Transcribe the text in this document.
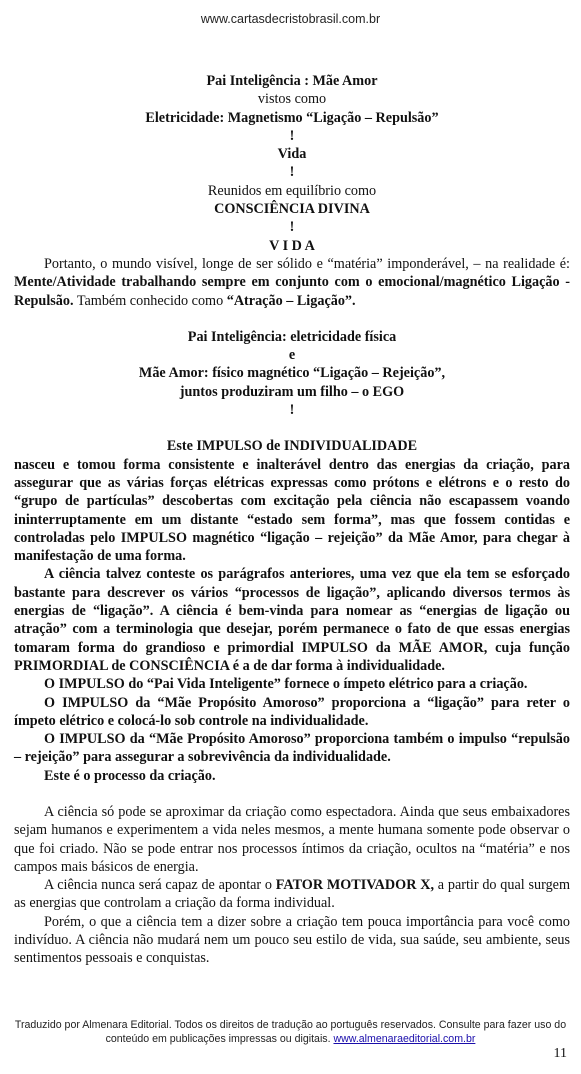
www.cartasdecristobrasil.com.br

Pai Inteligência : Mãe Amor

vistos como

Eletricidade: Magnetismo “Ligação – Repulsão”

!

Vida

!

Reunidos em equilíbrio como

CONSCIÊNCIA DIVINA

!

V I D A

Portanto, o mundo visível, longe de ser sólido e “matéria” imponderável, – na realidade é: Mente/Atividade trabalhando sempre em conjunto com o emocional/magnético Ligação - Repulsão. Também conhecido como “Atração – Ligação”.

Pai Inteligência: eletricidade física

e

Mãe Amor: físico magnético “Ligação – Rejeição”,

juntos produziram um filho – o EGO

!

Este IMPULSO de INDIVIDUALIDADE

nasceu e tomou forma consistente e inalterável dentro das energias da criação, para assegurar que as várias forças elétricas expressas como prótons e elétrons e o resto do “grupo de partículas” descobertas com excitação pela ciência não escapassem voando ininterruptamente em um distante “estado sem forma”, mas que fossem contidas e controladas pelo IMPULSO magnético “ligação – rejeição” da Mãe Amor, para chegar à manifestação de uma forma.

A ciência talvez conteste os parágrafos anteriores, uma vez que ela tem se esforçado bastante para descrever os vários “processos de ligação”, aplicando diversos termos às energias de “ligação”. A ciência é bem-vinda para nomear as “energias de ligação ou atração” com a terminologia que desejar, porém permanece o fato de que essas energias tomaram forma do grandioso e primordial IMPULSO da MÃE AMOR, cuja função PRIMORDIAL de CONSCIÊNCIA é a de dar forma à individualidade.

O IMPULSO do “Pai Vida Inteligente” fornece o ímpeto elétrico para a criação.

O IMPULSO da “Mãe Propósito Amoroso” proporciona a “ligação” para reter o ímpeto elétrico e colocá-lo sob controle na individualidade.

O IMPULSO da “Mãe Propósito Amoroso” proporciona também o impulso “repulsão – rejeição” para assegurar a sobrevivência da individualidade.

Este é o processo da criação.

A ciência só pode se aproximar da criação como espectadora. Ainda que seus embaixadores sejam humanos e experimentem a vida neles mesmos, a mente humana somente pode observar o que foi criado. Não se pode entrar nos processos íntimos da criação, ocultos na “matéria” e nos campos mais básicos de energia.

A ciência nunca será capaz de apontar o FATOR MOTIVADOR X, a partir do qual surgem as energias que controlam a criação da forma individual.

Porém, o que a ciência tem a dizer sobre a criação tem pouca importância para você como indivíduo. A ciência não mudará nem um pouco seu estilo de vida, sua saúde, seu ambiente, seus sentimentos pessoais e conquistas.

Traduzido por Almenara Editorial. Todos os direitos de tradução ao português reservados. Consulte para fazer uso do conteúdo em publicações impressas ou digitais. www.almenaraeditorial.com.br
11
